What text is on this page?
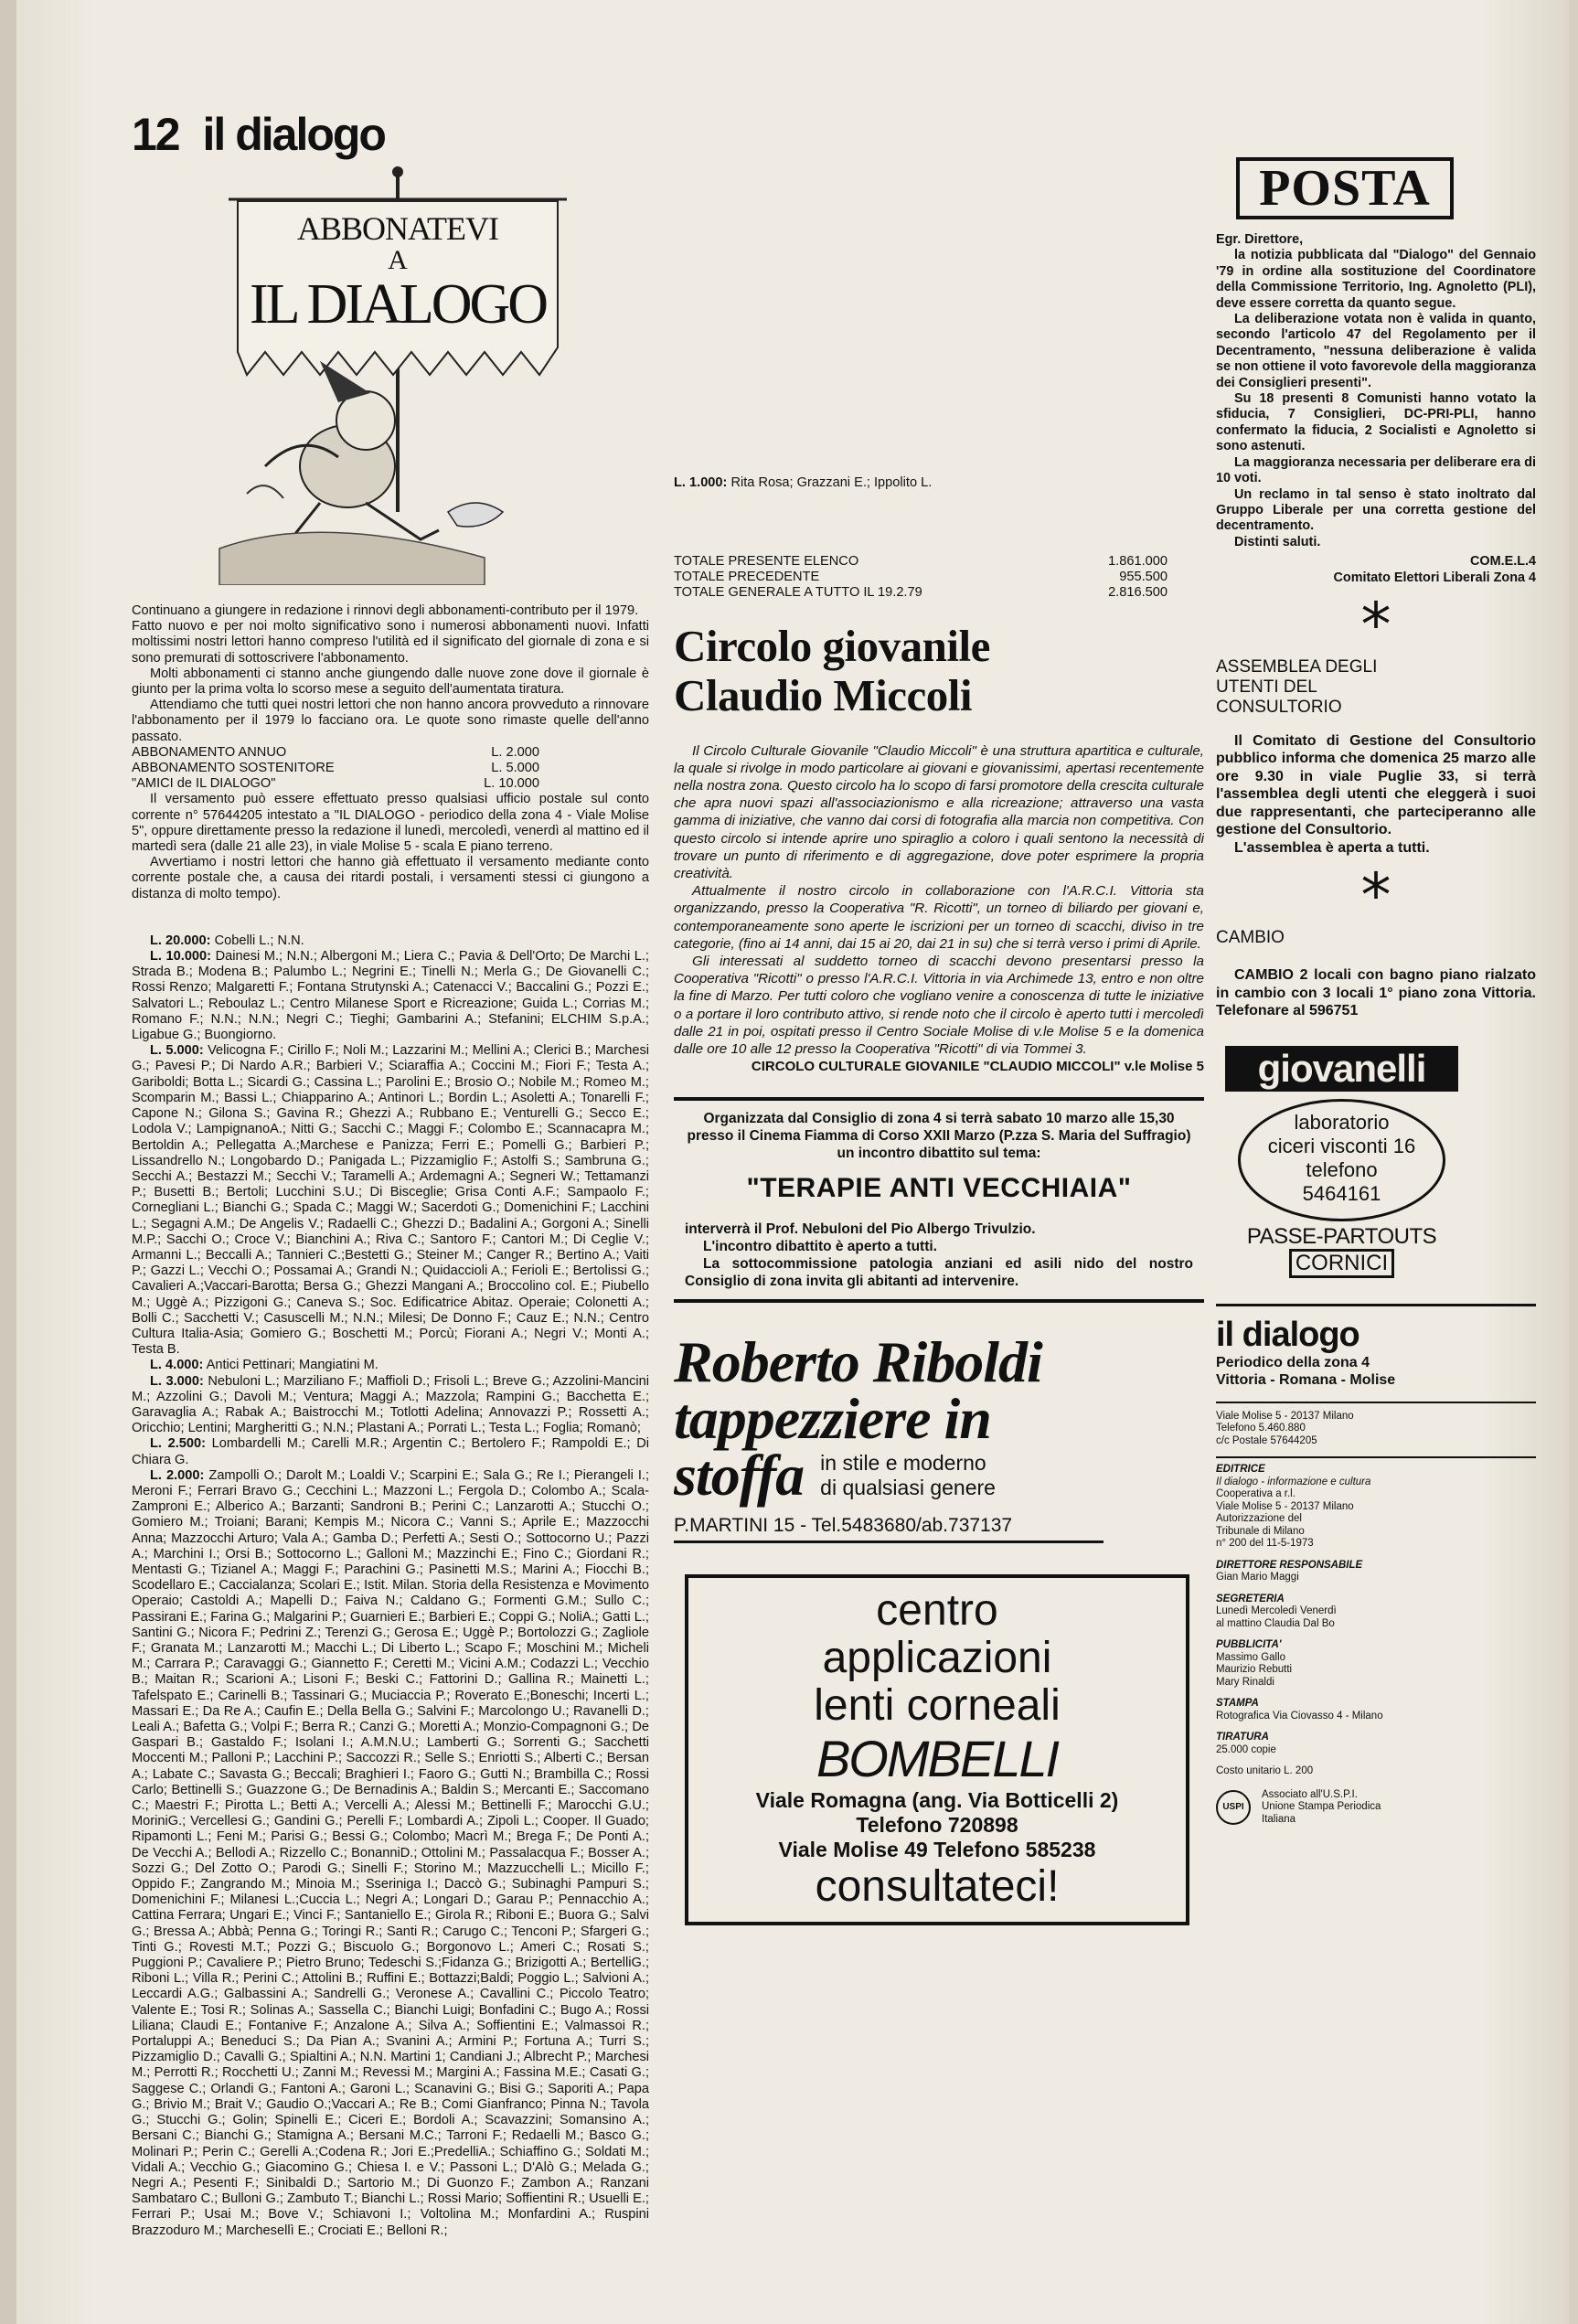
12 il dialogo
ABBONATEVI
A
IL DIALOGO

Continuano a giungere in redazione i rinnovi degli abbonamenti-contributo per il 1979.

Fatto nuovo e per noi molto significativo sono i numerosi abbonamenti nuovi. Infatti moltissimi nostri lettori hanno compreso l'utilità ed il significato del giornale di zona e si sono premurati di sottoscrivere l'abbonamento.

Molti abbonamenti ci stanno anche giungendo dalle nuove zone dove il giornale è giunto per la prima volta lo scorso mese a seguito dell'aumentata tiratura.

Attendiamo che tutti quei nostri lettori che non hanno ancora provveduto a rinnovare l'abbonamento per il 1979 lo facciano ora. Le quote sono rimaste quelle dell'anno passato.

ABBONAMENTO ANNUO	L. 2.000
ABBONAMENTO SOSTENITORE	L. 5.000
"AMICI de IL DIALOGO"	L. 10.000

Il versamento può essere effettuato presso qualsiasi ufficio postale sul conto corrente n° 57644205 intestato a "IL DIALOGO - periodico della zona 4 - Viale Molise 5", oppure direttamente presso la redazione il lunedì, mercoledì, venerdì al mattino ed il martedì sera (dalle 21 alle 23), in viale Molise 5 - scala E piano terreno.

Avvertiamo i nostri lettori che hanno già effettuato il versamento mediante conto corrente postale che, a causa dei ritardi postali, i versamenti stessi ci giungono a distanza di molto tempo).

L. 20.000: Cobelli L.; N.N.

L. 10.000: Dainesi M.; N.N.; Albergoni M.; Liera C.; Pavia & Dell'Orto; De Marchi L.; Strada B.; Modena B.; Palumbo L.; Negrini E.; Tinelli N.; Merla G.; De Giovanelli C.; Rossi Renzo; Malgaretti F.; Fontana Strutynski A.; Catenacci V.; Baccalini G.; Pozzi E.; Salvatori L.; Reboulaz L.; Centro Milanese Sport e Ricreazione; Guida L.; Corrias M.; Romano F.; N.N.; N.N.; Negri C.; Tieghi; Gambarini A.; Stefanini; ELCHIM S.p.A.; Ligabue G.; Buongiorno.

L. 5.000: Velicogna F.; Cirillo F.; Noli M.; Lazzarini M.; Mellini A.; Clerici B.; Marchesi G.; Pavesi P.; Di Nardo A.R.; Barbieri V.; Sciaraffia A.; Coccini M.; Fiori F.; Testa A.; Gariboldi; Botta L.; Sicardi G.; Cassina L.; Parolini E.; Brosio O.; Nobile M.; Romeo M.; Scomparin M.; Bassi L.; Chiapparino A.; Antinori L.; Bordin L.; Asoletti A.; Tonarelli F.; Capone N.; Gilona S.; Gavina R.; Ghezzi A.; Rubbano E.; Venturelli G.; Secco E.; Lodola V.; LampignanoA.; Nitti G.; Sacchi C.; Maggi F.; Colombo E.; Scannacapra M.; Bertoldin A.; Pellegatta A.;Marchese e Panizza; Ferri E.; Pomelli G.; Barbieri P.; Lissandrello N.; Longobardo D.; Panigada L.; Pizzamiglio F.; Astolfi S.; Sambruna G.; Secchi A.; Bestazzi M.; Secchi V.; Taramelli A.; Ardemagni A.; Segneri W.; Tettamanzi P.; Busetti B.; Bertoli; Lucchini S.U.; Di Bisceglie; Grisa Conti A.F.; Sampaolo F.; Cornegliani L.; Bianchi G.; Spada C.; Maggi W.; Sacerdoti G.; Domenichini F.; Lacchini L.; Segagni A.M.; De Angelis V.; Radaelli C.; Ghezzi D.; Badalini A.; Gorgoni A.; Sinelli M.P.; Sacchi O.; Croce V.; Bianchini A.; Riva C.; Santoro F.; Cantori M.; Di Ceglie V.; Armanni L.; Beccalli A.; Tannieri C.;Bestetti G.; Steiner M.; Canger R.; Bertino A.; Vaiti P.; Gazzi L.; Vecchi O.; Possamai A.; Grandi N.; Quidaccioli A.; Ferioli E.; Bertolissi G.; Cavalieri A.;Vaccari-Barotta; Bersa G.; Ghezzi Mangani A.; Broccolino col. E.; Piubello M.; Uggè A.; Pizzigoni G.; Caneva S.; Soc. Edificatrice Abitaz. Operaie; Colonetti A.; Bolli C.; Sacchetti V.; Casuscelli M.; N.N.; Milesi; De Donno F.; Cauz E.; N.N.; Centro Cultura Italia-Asia; Gomiero G.; Boschetti M.; Porcù; Fiorani A.; Negri V.; Monti A.; Testa B.

L. 4.000: Antici Pettinari; Mangiatini M.

L. 3.000: Nebuloni L.; Marziliano F.; Maffioli D.; Frisoli L.; Breve G.; Azzolini-Mancini M.; Azzolini G.; Davoli M.; Ventura; Maggi A.; Mazzola; Rampini G.; Bacchetta E.; Garavaglia A.; Rabak A.; Baistrocchi M.; Totlotti Adelina; Annovazzi P.; Rossetti A.; Oricchio; Lentini; Margheritti G.; N.N.; Plastani A.; Porrati L.; Testa L.; Foglia; Romanò;

L. 2.500: Lombardelli M.; Carelli M.R.; Argentin C.; Bertolero F.; Rampoldi E.; Di Chiara G.

L. 2.000: Zampolli O.; Darolt M.; Loaldi V.; Scarpini E.; Sala G.; Re I.; Pierangeli I.; Meroni F.; Ferrari Bravo G.; Cecchini L.; Mazzoni L.; Fergola D.; Colombo A.; Scala-Zamproni E.; Alberico A.; Barzanti; Sandroni B.; Perini C.; Lanzarotti A.; Stucchi O.; Gomiero M.; Troiani; Barani; Kempis M.; Nicora C.; Vanni S.; Aprile E.; Mazzocchi Anna; Mazzocchi Arturo; Vala A.; Gamba D.; Perfetti A.; Sesti O.; Sottocorno U.; Pazzi A.; Marchini I.; Orsi B.; Sottocorno L.; Galloni M.; Mazzinchi E.; Fino C.; Giordani R.; Mentasti G.; Tizianel A.; Maggi F.; Parachini G.; Pasinetti M.S.; Marini A.; Fiocchi B.; Scodellaro E.; Caccialanza; Scolari E.; Istit. Milan. Storia della Resistenza e Movimento Operaio; Castoldi A.; Mapelli D.; Faiva N.; Caldano G.; Formenti G.M.; Sullo C.; Passirani E.; Farina G.; Malgarini P.; Guarnieri E.; Barbieri E.; Coppi G.; NoliA.; Gatti L.; Santini G.; Nicora F.; Pedrini Z.; Terenzi G.; Gerosa E.; Uggè P.; Bortolozzi G.; Zagliole F.; Granata M.; Lanzarotti M.; Macchi L.; Di Liberto L.; Scapo F.; Moschini M.; Micheli M.; Carrara P.; Caravaggi G.; Giannetto F.; Ceretti M.; Vicini A.M.; Codazzi L.; Vecchio B.; Maitan R.; Scarioni A.; Lisoni F.; Beski C.; Fattorini D.; Gallina R.; Mainetti L.; Tafelspato E.; Carinelli B.; Tassinari G.; Muciaccia P.; Roverato E.;Boneschi; Incerti L.; Massari E.; Da Re A.; Caufin E.; Della Bella G.; Salvini F.; Marcolongo U.; Ravanelli D.; Leali A.; Bafetta G.; Volpi F.; Berra R.; Canzi G.; Moretti A.; Monzio-Compagnoni G.; De Gaspari B.; Gastaldo F.; Isolani I.; A.M.N.U.; Lamberti G.; Sorrenti G.; Sacchetti Moccenti M.; Palloni P.; Lacchini P.; Saccozzi R.; Selle S.; Enriotti S.; Alberti C.; Bersan A.; Labate C.; Savasta G.; Beccali; Braghieri I.; Faoro G.; Gutti N.; Brambilla C.; Rossi Carlo; Bettinelli S.; Guazzone G.; De Bernadinis A.; Baldin S.; Mercanti E.; Saccomano C.; Maestri F.; Pirotta L.; Betti A.; Vercelli A.; Alessi M.; Bettinelli F.; Marocchi G.U.; MoriniG.; Vercellesi G.; Gandini G.; Perelli F.; Lombardi A.; Zipoli L.; Cooper. Il Guado; Ripamonti L.; Feni M.; Parisi G.; Bessi G.; Colombo; Macrì M.; Brega F.; De Ponti A.; De Vecchi A.; Bellodi A.; Rizzello C.; BonanniD.; Ottolini M.; Passalacqua F.; Bosser A.; Sozzi G.; Del Zotto O.; Parodi G.; Sinelli F.; Storino M.; Mazzucchelli L.; Micillo F.; Oppido F.; Zangrando M.; Minoia M.; Sseriniga I.; Daccò G.; Subinaghi Pampuri S.; Domenichini F.; Milanesi L.;Cuccia L.; Negri A.; Longari D.; Garau P.; Pennacchio A.; Cattina Ferrara; Ungari E.; Vinci F.; Santaniello E.; Girola R.; Riboni E.; Buora G.; Salvi G.; Bressa A.; Abbà; Penna G.; Toringi R.; Santi R.; Carugo C.; Tenconi P.; Sfargeri G.; Tinti G.; Rovesti M.T.; Pozzi G.; Biscuolo G.; Borgonovo L.; Ameri C.; Rosati S.; Puggioni P.; Cavaliere P.; Pietro Bruno; Tedeschi S.;Fidanza G.; Brizigotti A.; BertelliG.; Riboni L.; Villa R.; Perini C.; Attolini B.; Ruffini E.; Bottazzi;Baldi; Poggio L.; Salvioni A.; Leccardi A.G.; Galbassini A.; Sandrelli G.; Veronese A.; Cavallini C.; Piccolo Teatro; Valente E.; Tosi R.; Solinas A.; Sassella C.; Bianchi Luigi; Bonfadini C.; Bugo A.; Rossi Liliana; Claudi E.; Fontanive F.; Anzalone A.; Silva A.; Soffientini E.; Valmassoi R.; Portaluppi A.; Beneduci S.; Da Pian A.; Svanini A.; Armini P.; Fortuna A.; Turri S.; Pizzamiglio D.; Cavalli G.; Spialtini A.; N.N. Martini 1; Candiani J.; Albrecht P.; Marchesi M.; Perrotti R.; Rocchetti U.; Zanni M.; Revessi M.; Margini A.; Fassina M.E.; Casati G.; Saggese C.; Orlandi G.; Fantoni A.; Garoni L.; Scanavini G.; Bisi G.; Saporiti A.; Papa G.; Brivio M.; Brait V.; Gaudio O.;Vaccari A.; Re B.; Comi Gianfranco; Pinna N.; Tavola G.; Stucchi G.; Golin; Spinelli E.; Ciceri E.; Bordoli A.; Scavazzini; Somansino A.; Bersani C.; Bianchi G.; Stamigna A.; Bersani M.C.; Tarroni F.; Redaelli M.; Basco G.; Molinari P.; Perin C.; Gerelli A.;Codena R.; Jori E.;PredelliA.; Schiaffino G.; Soldati M.; Vidali A.; Vecchio G.; Giacomino G.; Chiesa I. e V.; Passoni L.; D'Alò G.; Melada G.; Negri A.; Pesenti F.; Sinibaldi D.; Sartorio M.; Di Guonzo F.; Zambon A.; Ranzani Sambataro C.; Bulloni G.; Zambuto T.; Bianchi L.; Rossi Mario; Soffientini R.; Usuelli E.; Ferrari P.; Usai M.; Bove V.; Schiavoni I.; Voltolina M.; Monfardini A.; Ruspini Brazzoduro M.; Marchesellì E.; Crociati E.; Belloni R.;

L. 1.000: Rita Rosa; Grazzani E.; Ippolito L.

TOTALE PRESENTE ELENCO	1.861.000
TOTALE PRECEDENTE	955.500
TOTALE GENERALE A TUTTO IL 19.2.79	2.816.500
Circolo giovanile
Claudio Miccoli

Il Circolo Culturale Giovanile "Claudio Miccoli" è una struttura apartitica e culturale, la quale si rivolge in modo particolare ai giovani e giovanissimi, apertasi recentemente nella nostra zona. Questo circolo ha lo scopo di farsi promotore della crescita culturale che apra nuovi spazi all'associazionismo e alla ricreazione; attraverso una vasta gamma di iniziative, che vanno dai corsi di fotografia alla marcia non competitiva. Con questo circolo si intende aprire uno spiraglio a coloro i quali sentono la necessità di trovare un punto di riferimento e di aggregazione, dove poter esprimere la propria creatività.

Attualmente il nostro circolo in collaborazione con l'A.R.C.I. Vittoria sta organizzando, presso la Cooperativa "R. Ricotti", un torneo di biliardo per giovani e, contemporaneamente sono aperte le iscrizioni per un torneo di scacchi, diviso in tre categorie, (fino ai 14 anni, dai 15 ai 20, dai 21 in su) che si terrà verso i primi di Aprile.

Gli interessati al suddetto torneo di scacchi devono presentarsi presso la Cooperativa "Ricotti" o presso l'A.R.C.I. Vittoria in via Archimede 13, entro e non oltre la fine di Marzo. Per tutti coloro che vogliano venire a conoscenza di tutte le iniziative o a portare il loro contributo attivo, si rende noto che il circolo è aperto tutti i mercoledì dalle 21 in poi, ospitati presso il Centro Sociale Molise di v.le Molise 5 e la domenica dalle ore 10 alle 12 presso la Cooperativa "Ricotti" di via Tommei 3.

CIRCOLO CULTURALE GIOVANILE "CLAUDIO MICCOLI" v.le Molise 5

Organizzata dal Consiglio di zona 4 si terrà sabato 10 marzo alle 15,30 presso il Cinema Fiamma di Corso XXII Marzo (P.zza S. Maria del Suffragio) un incontro dibattito sul tema:

"TERAPIE ANTI VECCHIAIA"

interverrà il Prof. Nebuloni del Pio Albergo Trivulzio.

L'incontro dibattito è aperto a tutti.

La sottocommissione patologia anziani ed asili nido del nostro Consiglio di zona invita gli abitanti ad intervenire.

Roberto Riboldi
tappezziere in
stoffa in stile e moderno
di qualsiasi genere
P.MARTINI 15 - Tel.5483680/ab.737137
centro
applicazioni
lenti corneali
BOMBELLI
Viale Romagna (ang. Via Botticelli 2)
Telefono 720898
Viale Molise 49 Telefono 585238
consultateci!
POSTA
Egr. Direttore,

la notizia pubblicata dal "Dialogo" del Gennaio '79 in ordine alla sostituzione del Coordinatore della Commissione Territorio, Ing. Agnoletto (PLI), deve essere corretta da quanto segue.

La deliberazione votata non è valida in quanto, secondo l'articolo 47 del Regolamento per il Decentramento, "nessuna deliberazione è valida se non ottiene il voto favorevole della maggioranza dei Consiglieri presenti".

Su 18 presenti 8 Comunisti hanno votato la sfiducia, 7 Consiglieri, DC-PRI-PLI, hanno confermato la fiducia, 2 Socialisti e Agnoletto si sono astenuti.

La maggioranza necessaria per deliberare era di 10 voti.

Un reclamo in tal senso è stato inoltrato dal Gruppo Liberale per una corretta gestione del decentramento.

Distinti saluti.
COM.E.L.4
Comitato Elettori Liberali Zona 4
*
ASSEMBLEA DEGLI UTENTI DEL CONSULTORIO

Il Comitato di Gestione del Consultorio pubblico informa che domenica 25 marzo alle ore 9.30 in viale Puglie 33, si terrà l'assemblea degli utenti che eleggerà i suoi due rappresentanti, che parteciperanno alle gestione del Consultorio.

L'assemblea è aperta a tutti.

*
CAMBIO

CAMBIO 2 locali con bagno piano rialzato in cambio con 3 locali 1° piano zona Vittoria. Telefonare al 596751

giovanelli
laboratorio
ciceri visconti 16
telefono
5464161
PASSE-PARTOUTS
CORNICI
il dialogo
Periodico della zona 4
Vittoria - Romana - Molise
Viale Molise 5 - 20137 Milano
Telefono 5.460.880
c/c Postale 57644205
EDITRICE
Il dialogo - informazione e cultura
Cooperativa a r.l.
Viale Molise 5 - 20137 Milano
Autorizzazione del
Tribunale di Milano
n° 200 del 11-5-1973
DIRETTORE RESPONSABILE
Gian Mario Maggi
SEGRETERIA
Lunedì Mercoledì Venerdì
al mattino Claudia Dal Bo
PUBBLICITA'
Massimo Gallo
Maurizio Rebutti
Mary Rinaldi
STAMPA
Rotografica Via Ciovasso 4 - Milano
TIRATURA
25.000 copie
Costo unitario L. 200
USPI
Associato all'U.S.P.I.
Unione Stampa Periodica
Italiana
